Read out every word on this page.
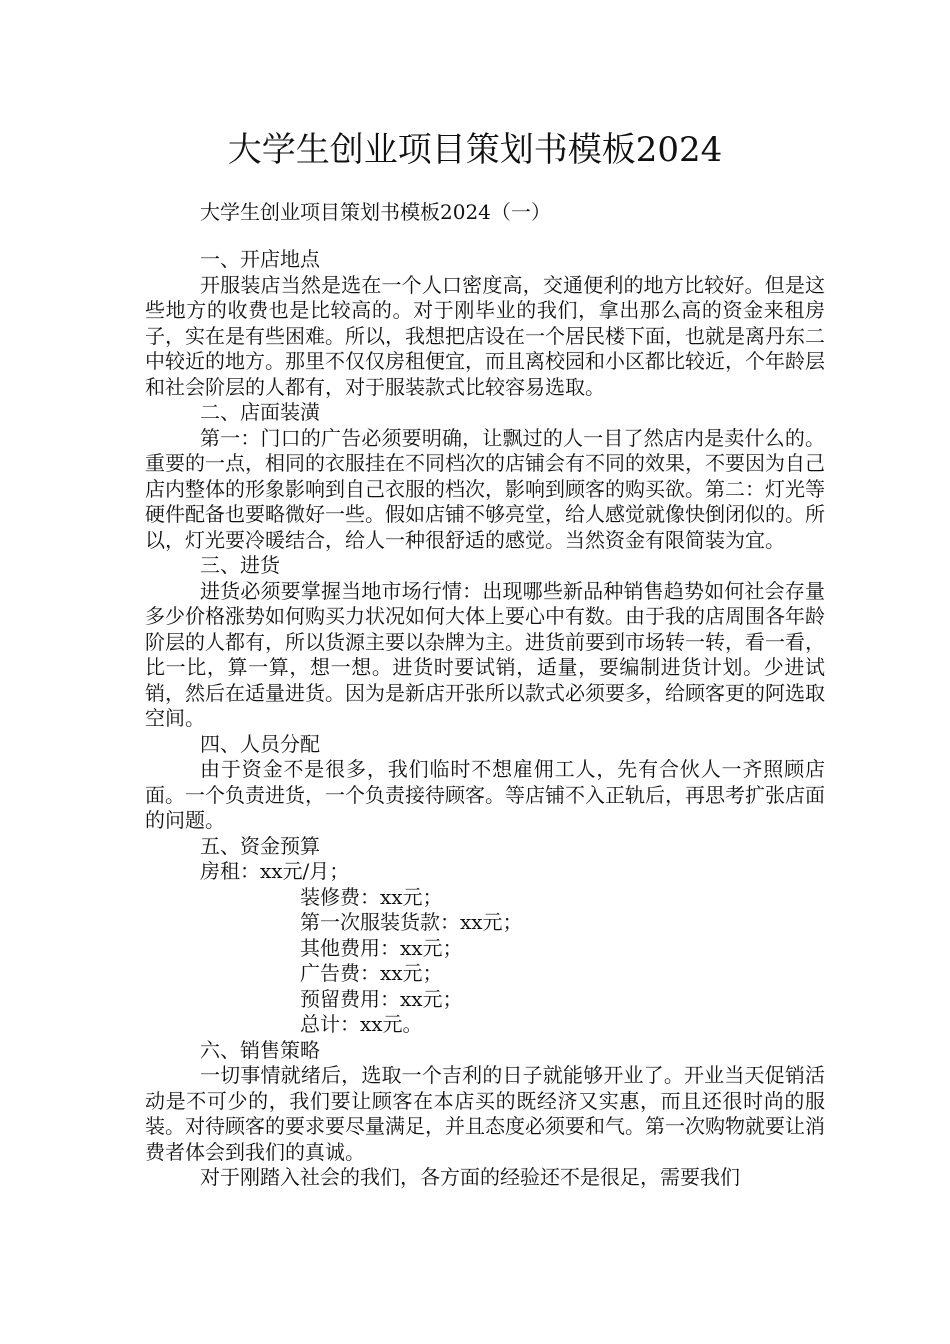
大学生创业项目策划书模板2024

大学生创业项目策划书模板2024（一）

一、开店地点

开服装店当然是选在一个人口密度高，交通便利的地方比较好。但是这些地方的收费也是比较高的。对于刚毕业的我们，拿出那么高的资金来租房子，实在是有些困难。所以，我想把店设在一个居民楼下面，也就是离丹东二中较近的地方。那里不仅仅房租便宜，而且离校园和小区都比较近，个年龄层和社会阶层的人都有，对于服装款式比较容易选取。

二、店面装潢

第一：门口的广告必须要明确，让飘过的人一目了然店内是卖什么的。重要的一点，相同的衣服挂在不同档次的店铺会有不同的效果，不要因为自己店内整体的形象影响到自己衣服的档次，影响到顾客的购买欲。第二：灯光等硬件配备也要略微好一些。假如店铺不够亮堂，给人感觉就像快倒闭似的。所以，灯光要冷暖结合，给人一种很舒适的感觉。当然资金有限简装为宜。

三、进货

进货必须要掌握当地市场行情：出现哪些新品种销售趋势如何社会存量多少价格涨势如何购买力状况如何大体上要心中有数。由于我的店周围各年龄阶层的人都有，所以货源主要以杂牌为主。进货前要到市场转一转，看一看，比一比，算一算，想一想。进货时要试销，适量，要编制进货计划。少进试销，然后在适量进货。因为是新店开张所以款式必须要多，给顾客更的阿选取空间。

四、人员分配

由于资金不是很多，我们临时不想雇佣工人，先有合伙人一齐照顾店面。一个负责进货，一个负责接待顾客。等店铺不入正轨后，再思考扩张店面的问题。

五、资金预算

房租：xx元/月；

装修费：xx元；

第一次服装货款：xx元；

其他费用：xx元；

广告费：xx元；

预留费用：xx元；

总计：xx元。

六、销售策略

一切事情就绪后，选取一个吉利的日子就能够开业了。开业当天促销活动是不可少的，我们要让顾客在本店买的既经济又实惠，而且还很时尚的服装。对待顾客的要求要尽量满足，并且态度必须要和气。第一次购物就要让消费者体会到我们的真诚。

对于刚踏入社会的我们，各方面的经验还不是很足，需要我们
